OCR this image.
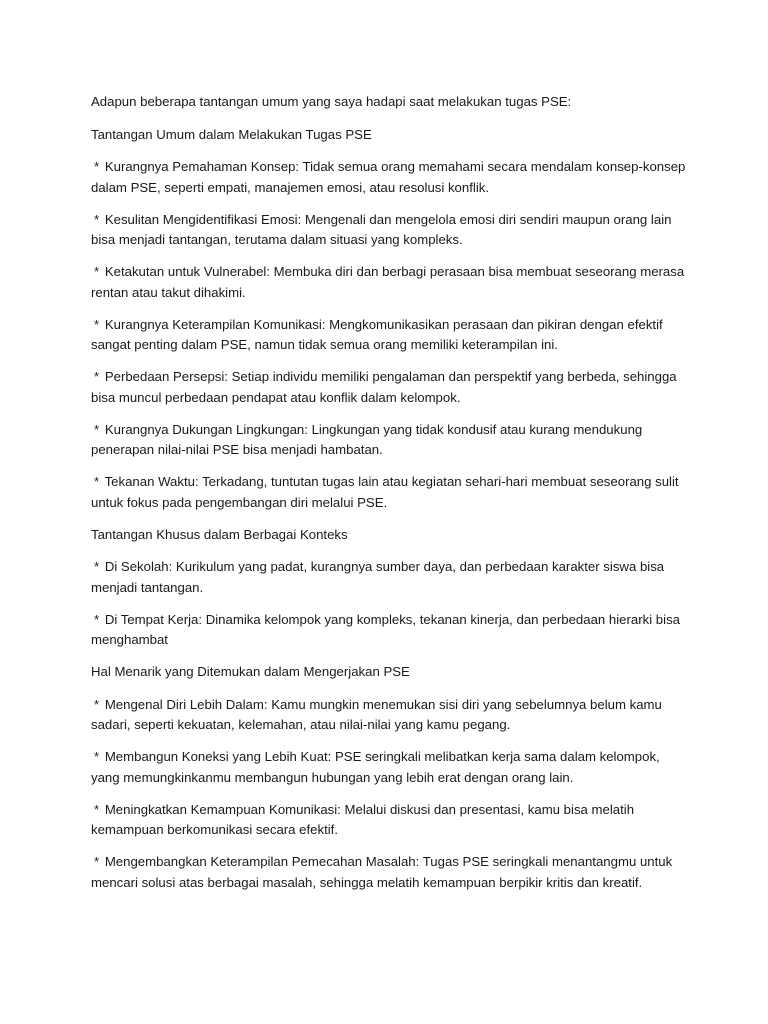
Adapun beberapa tantangan umum yang saya hadapi saat melakukan tugas PSE:

Tantangan Umum dalam Melakukan Tugas PSE

* Kurangnya Pemahaman Konsep: Tidak semua orang memahami secara mendalam konsep-konsep dalam PSE, seperti empati, manajemen emosi, atau resolusi konflik.

* Kesulitan Mengidentifikasi Emosi: Mengenali dan mengelola emosi diri sendiri maupun orang lain bisa menjadi tantangan, terutama dalam situasi yang kompleks.

* Ketakutan untuk Vulnerabel: Membuka diri dan berbagi perasaan bisa membuat seseorang merasa rentan atau takut dihakimi.

* Kurangnya Keterampilan Komunikasi: Mengkomunikasikan perasaan dan pikiran dengan efektif sangat penting dalam PSE, namun tidak semua orang memiliki keterampilan ini.

* Perbedaan Persepsi: Setiap individu memiliki pengalaman dan perspektif yang berbeda, sehingga bisa muncul perbedaan pendapat atau konflik dalam kelompok.

* Kurangnya Dukungan Lingkungan: Lingkungan yang tidak kondusif atau kurang mendukung penerapan nilai-nilai PSE bisa menjadi hambatan.

* Tekanan Waktu: Terkadang, tuntutan tugas lain atau kegiatan sehari-hari membuat seseorang sulit untuk fokus pada pengembangan diri melalui PSE.

Tantangan Khusus dalam Berbagai Konteks

* Di Sekolah: Kurikulum yang padat, kurangnya sumber daya, dan perbedaan karakter siswa bisa menjadi tantangan.

* Di Tempat Kerja: Dinamika kelompok yang kompleks, tekanan kinerja, dan perbedaan hierarki bisa menghambat

Hal Menarik yang Ditemukan dalam Mengerjakan PSE

* Mengenal Diri Lebih Dalam: Kamu mungkin menemukan sisi diri yang sebelumnya belum kamu sadari, seperti kekuatan, kelemahan, atau nilai-nilai yang kamu pegang.

* Membangun Koneksi yang Lebih Kuat: PSE seringkali melibatkan kerja sama dalam kelompok, yang memungkinkanmu membangun hubungan yang lebih erat dengan orang lain.

* Meningkatkan Kemampuan Komunikasi: Melalui diskusi dan presentasi, kamu bisa melatih kemampuan berkomunikasi secara efektif.

* Mengembangkan Keterampilan Pemecahan Masalah: Tugas PSE seringkali menantangmu untuk mencari solusi atas berbagai masalah, sehingga melatih kemampuan berpikir kritis dan kreatif.
